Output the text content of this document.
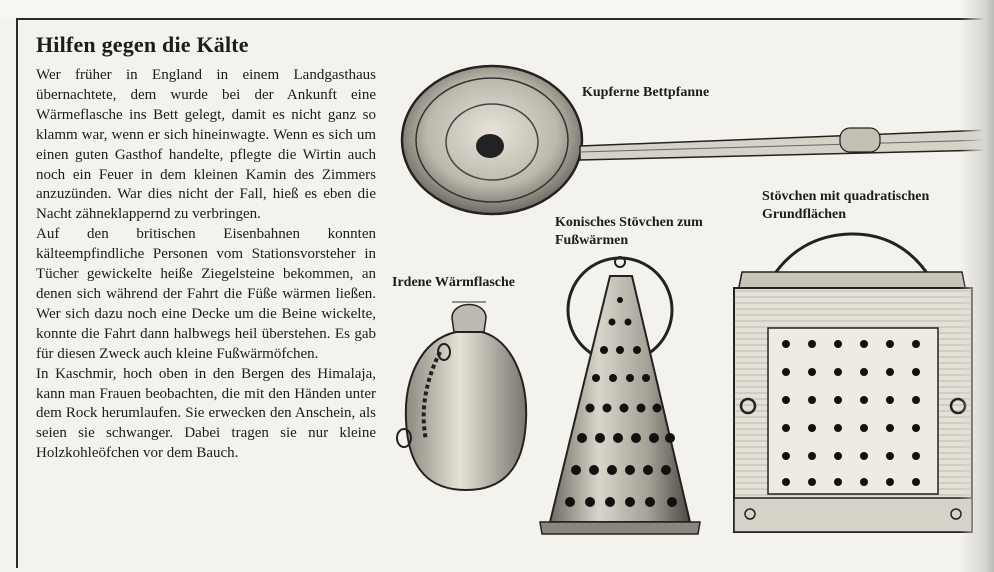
Hilfen gegen die Kälte

Wer früher in England in einem Landgasthaus übernachtete, dem wurde bei der Ankunft eine Wärmeflasche ins Bett gelegt, damit es nicht ganz so klamm war, wenn er sich hineinwagte. Wenn es sich um einen guten Gasthof handelte, pflegte die Wirtin auch noch ein Feuer in dem kleinen Kamin des Zimmers anzuzünden. War dies nicht der Fall, hieß es eben die Nacht zähneklappernd zu verbringen.

Auf den britischen Eisenbahnen konnten kälteempfindliche Personen vom Stationsvorsteher in Tücher gewickelte heiße Ziegelsteine bekommen, an denen sich während der Fahrt die Füße wärmen ließen. Wer sich dazu noch eine Decke um die Beine wickelte, konnte die Fahrt dann halbwegs heil überstehen. Es gab für diesen Zweck auch kleine Fußwärmöfchen.

In Kaschmir, hoch oben in den Bergen des Himalaja, kann man Frauen beobachten, die mit den Händen unter dem Rock herumlaufen. Sie erwecken den Anschein, als seien sie schwanger. Dabei tragen sie nur kleine Holzkohleöfchen vor dem Bauch.

Kupferne Bettpfanne
Konisches Stövchen zum Fußwärmen
Irdene Wärmflasche
Stövchen mit quadratischen Grundflächen
